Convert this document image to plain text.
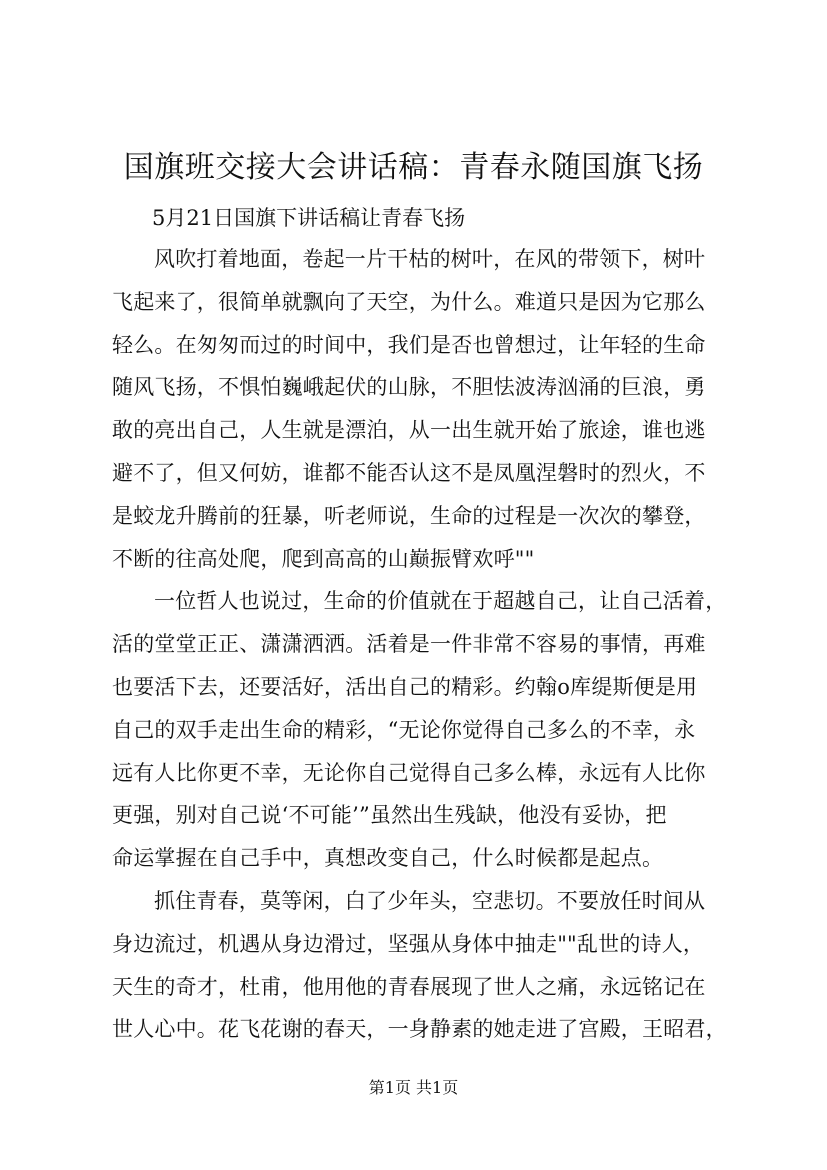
国旗班交接大会讲话稿：青春永随国旗飞扬
5月21日国旗下讲话稿让青春飞扬

风吹打着地面，卷起一片干枯的树叶，在风的带领下，树叶
飞起来了，很简单就飘向了天空，为什么。难道只是因为它那么
轻么。在匆匆而过的时间中，我们是否也曾想过，让年轻的生命
随风飞扬，不惧怕巍峨起伏的山脉，不胆怯波涛汹涌的巨浪，勇
敢的亮出自己，人生就是漂泊，从一出生就开始了旅途，谁也逃
避不了，但又何妨，谁都不能否认这不是凤凰涅磐时的烈火，不
是蛟龙升腾前的狂暴，听老师说，生命的过程是一次次的攀登，
不断的往高处爬，爬到高高的山巅振臂欢呼""

一位哲人也说过，生命的价值就在于超越自己，让自己活着，
活的堂堂正正、潇潇洒洒。活着是一件非常不容易的事情，再难
也要活下去，还要活好，活出自己的精彩。约翰o库缇斯便是用
自己的双手走出生命的精彩，“无论你觉得自己多么的不幸，永
远有人比你更不幸，无论你自己觉得自己多么棒，永远有人比你
更强，别对自己说‘不可能’”虽然出生残缺，他没有妥协，把
命运掌握在自己手中，真想改变自己，什么时候都是起点。

抓住青春，莫等闲，白了少年头，空悲切。不要放任时间从
身边流过，机遇从身边滑过，坚强从身体中抽走""乱世的诗人，
天生的奇才，杜甫，他用他的青春展现了世人之痛，永远铭记在
世人心中。花飞花谢的春天，一身静素的她走进了宫殿，王昭君，

第1页 共1页
